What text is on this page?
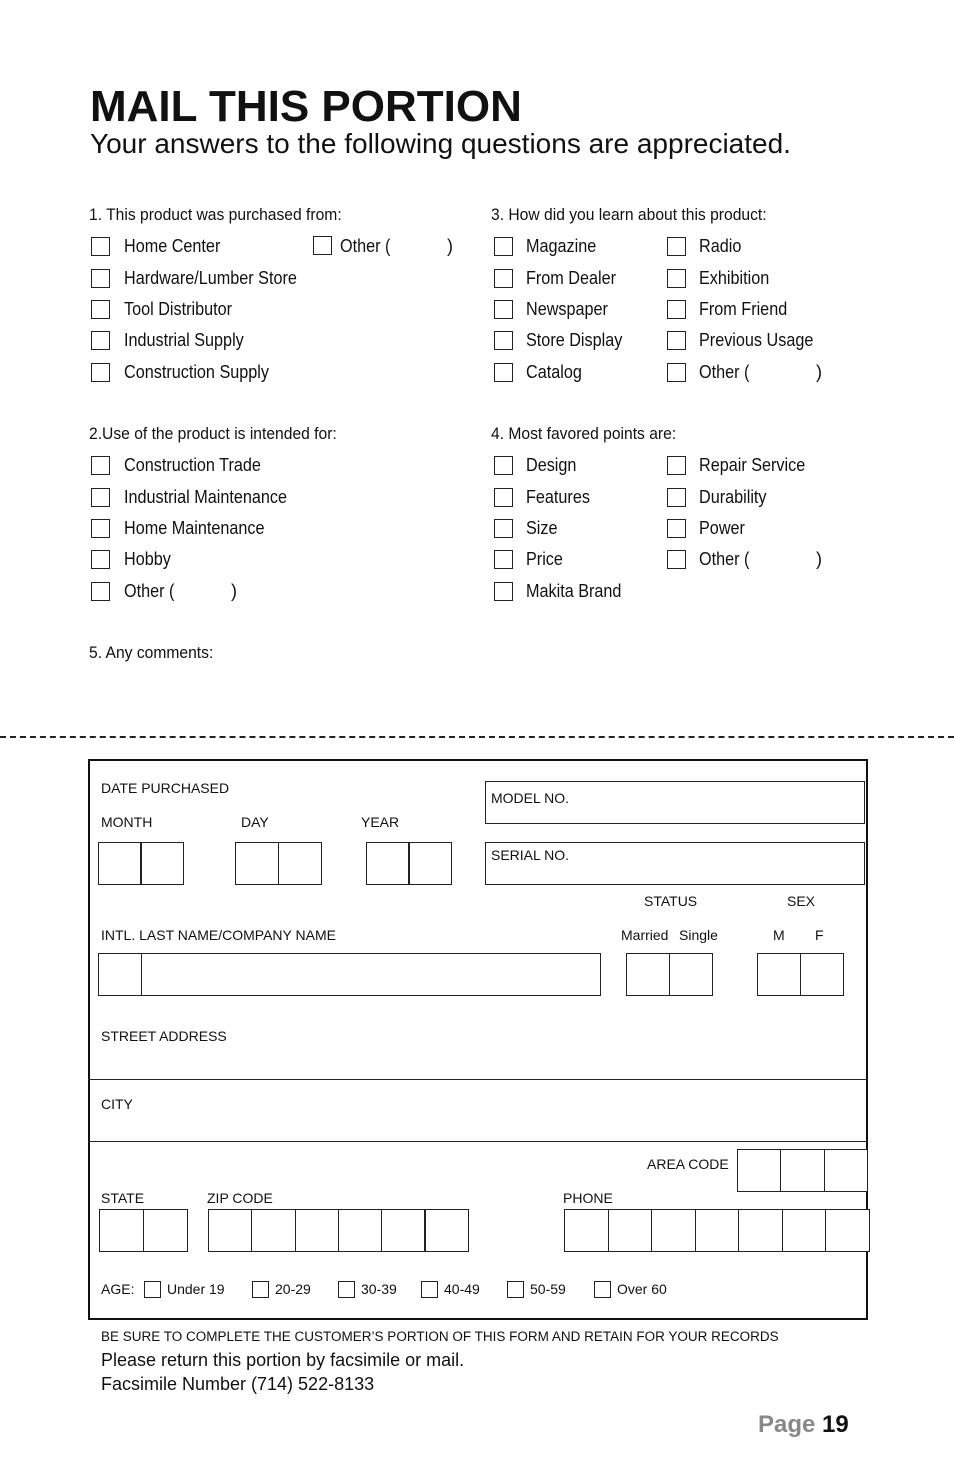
MAIL THIS PORTION

Your answers to the following questions are appreciated.

1. This product was purchased from:
Home Center
Hardware/Lumber Store
Tool Distributor
Industrial Supply
Construction Supply
Other (	)
2.Use of the product is intended for:
Construction Trade
Industrial Maintenance
Home Maintenance
Hobby
Other (	)
3. How did you learn about this product:
Magazine
From Dealer
Newspaper
Store Display
Catalog
Radio
Exhibition
From Friend
Previous Usage
Other (	)
4. Most favored points are:
Design
Features
Size
Price
Makita Brand
Repair Service
Durability
Power
Other (	)
5. Any comments:
DATE PURCHASED
MONTH	DAY	YEAR
MODEL NO.
SERIAL NO.
STATUS	SEX
INTL. LAST NAME/COMPANY NAME	Married Single	M F
STREET ADDRESS
CITY
AREA CODE
STATE	ZIP CODE	PHONE
AGE: Under 19	20-29	30-39	40-49	50-59	Over 60
BE SURE TO COMPLETE THE CUSTOMER’S PORTION OF THIS FORM AND RETAIN FOR YOUR RECORDS
Please return this portion by facsimile or mail.
Facsimile Number (714) 522-8133
Page 19
